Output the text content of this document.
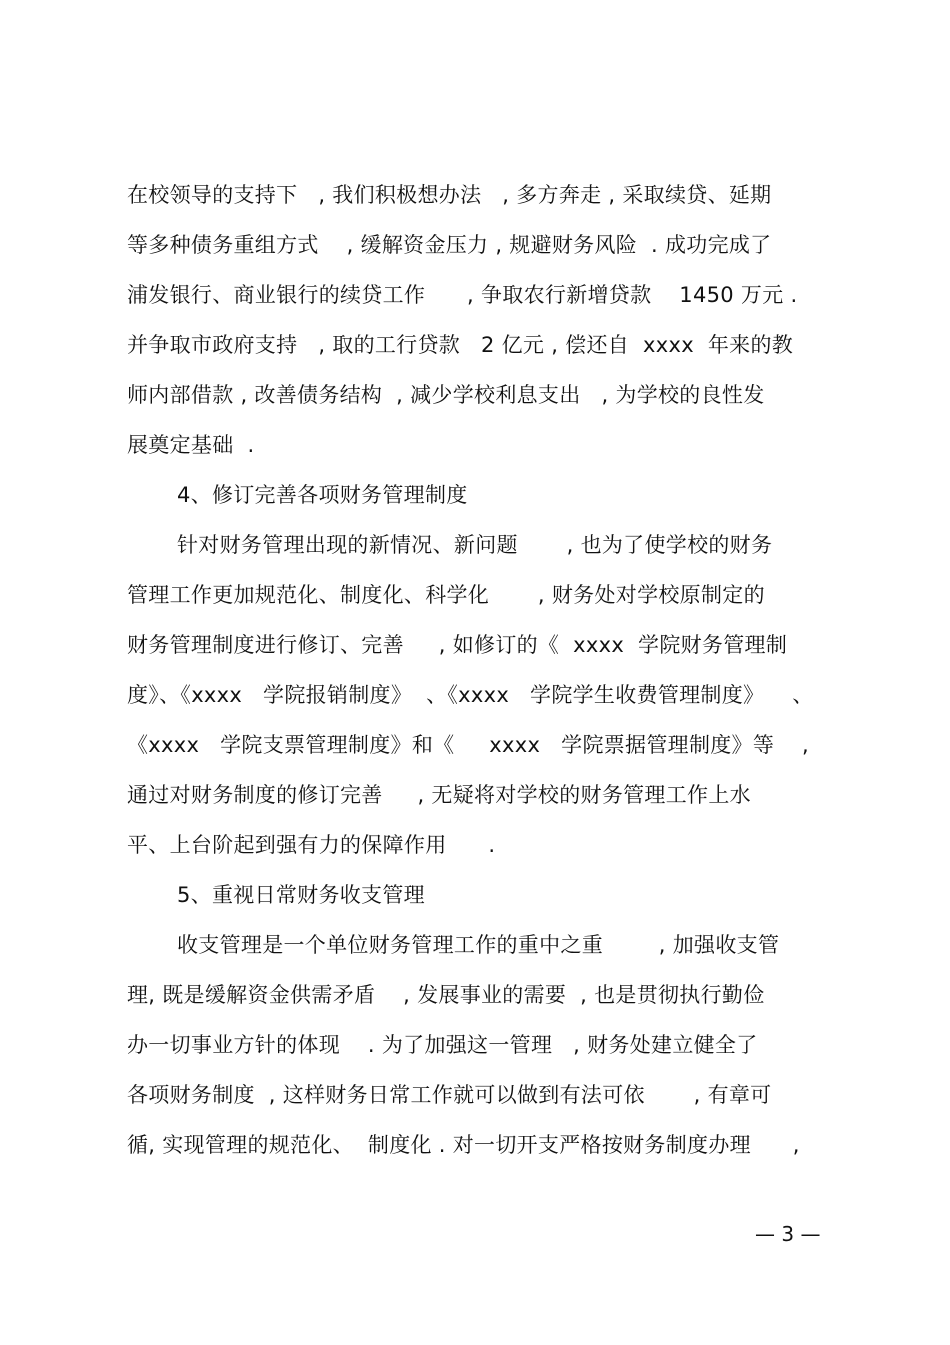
在校领导的支持下   , 我们积极想办法   , 多方奔走 , 采取续贷、延期
等多种债务重组方式    , 缓解资金压力 , 规避财务风险  . 成功完成了
浦发银行、商业银行的续贷工作      , 争取农行新增贷款    1450 万元 .
并争取市政府支持   , 取的工行贷款   2 亿元 , 偿还自  xxxx  年来的教
师内部借款 , 改善债务结构  , 减少学校利息支出   , 为学校的良性发
展奠定基础  .
4、修订完善各项财务管理制度
针对财务管理出现的新情况、新问题       , 也为了使学校的财务
管理工作更加规范化、制度化、科学化       , 财务处对学校原制定的
财务管理制度进行修订、完善     , 如修订的《  xxxx  学院财务管理制
度》、《xxxx   学院报销制度》  、《xxxx   学院学生收费管理制度》    、
《xxxx   学院支票管理制度》和《     xxxx   学院票据管理制度》等    ,
通过对财务制度的修订完善     , 无疑将对学校的财务管理工作上水
平、上台阶起到强有力的保障作用      .
5、重视日常财务收支管理
收支管理是一个单位财务管理工作的重中之重        , 加强收支管
理, 既是缓解资金供需矛盾    , 发展事业的需要  , 也是贯彻执行勤俭
办一切事业方针的体现    . 为了加强这一管理   , 财务处建立健全了
各项财务制度  , 这样财务日常工作就可以做到有法可依       , 有章可
循, 实现管理的规范化、  制度化 . 对一切开支严格按财务制度办理      ,
— 3 —
